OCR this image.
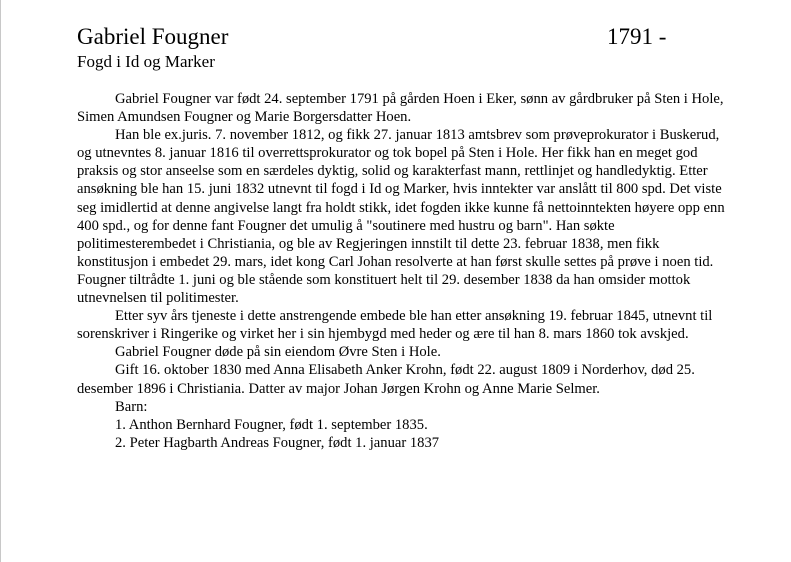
Gabriel Fougner	1791 -
Fogd i Id og Marker

Gabriel Fougner var født 24. september 1791 på gården Hoen i Eker, sønn av gårdbruker på Sten i Hole, Simen Amundsen Fougner og Marie Borgersdatter Hoen.

Han ble ex.juris. 7. november 1812, og fikk 27. januar 1813 amtsbrev som prøveprokurator i Buskerud, og utnevntes 8. januar 1816 til overrettsprokurator og tok bopel på Sten i Hole. Her fikk han en meget god praksis og stor anseelse som en særdeles dyktig, solid og karakterfast mann, rettlinjet og handledyktig. Etter ansøkning ble han 15. juni 1832 utnevnt til fogd i Id og Marker, hvis inntekter var anslått til 800 spd. Det viste seg imidlertid at denne angivelse langt fra holdt stikk, idet fogden ikke kunne få nettoinntekten høyere opp enn 400 spd., og for denne fant Fougner det umulig å "soutinere med hustru og barn". Han søkte politimesterembedet i Christiania, og ble av Regjeringen innstilt til dette 23. februar 1838, men fikk konstitusjon i embedet 29. mars, idet kong Carl Johan resolverte at han først skulle settes på prøve i noen tid. Fougner tiltrådte 1. juni og ble stående som konstituert helt til 29. desember 1838 da han omsider mottok utnevnelsen til politimester.

Etter syv års tjeneste i dette anstrengende embede ble han etter ansøkning 19. februar 1845, utnevnt til sorenskriver i Ringerike og virket her i sin hjembygd med heder og ære til han 8. mars 1860 tok avskjed.

Gabriel Fougner døde på sin eiendom Øvre Sten i Hole.

Gift 16. oktober 1830 med Anna Elisabeth Anker Krohn, født 22. august 1809 i Norderhov, død 25. desember 1896 i Christiania. Datter av major Johan Jørgen Krohn og Anne Marie Selmer.

Barn:

1. Anthon Bernhard Fougner, født 1. september 1835.

2. Peter Hagbarth Andreas Fougner, født 1. januar 1837
